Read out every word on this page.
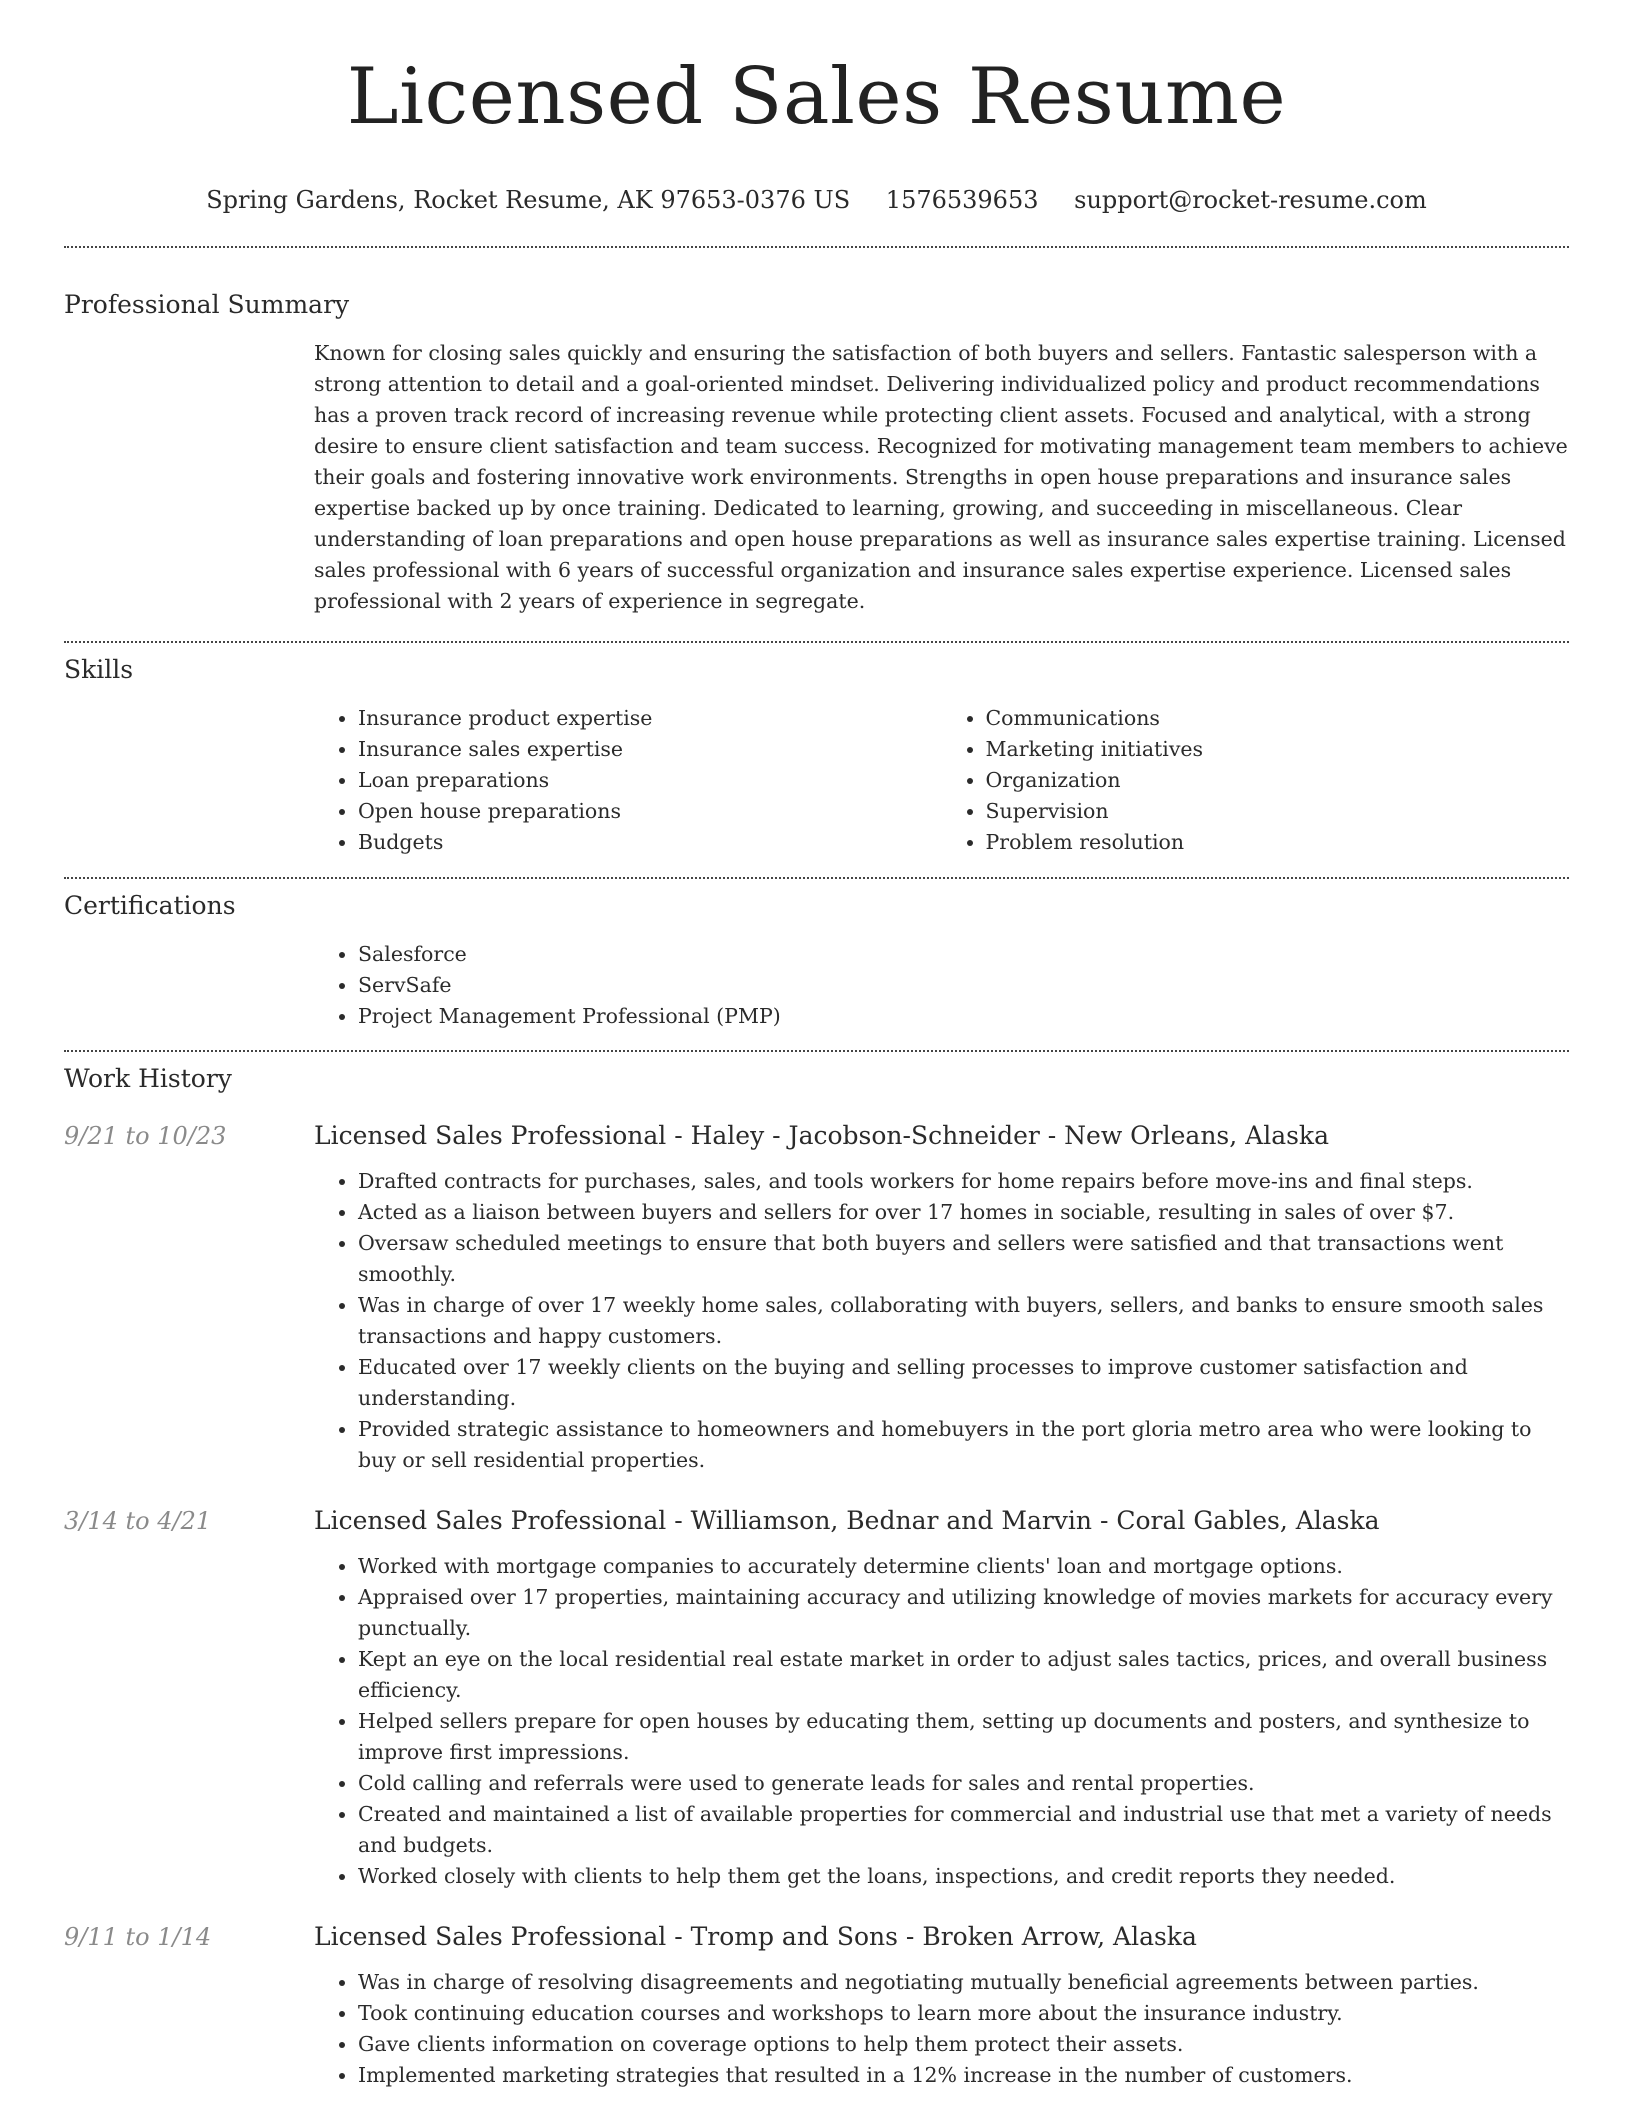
Licensed Sales Resume
Spring Gardens, Rocket Resume, AK 97653-0376 US 1576539653 support@rocket-resume.com
Professional Summary

Known for closing sales quickly and ensuring the satisfaction of both buyers and sellers. Fantastic salesperson with a strong attention to detail and a goal-oriented mindset. Delivering individualized policy and product recommendations has a proven track record of increasing revenue while protecting client assets. Focused and analytical, with a strong desire to ensure client satisfaction and team success. Recognized for motivating management team members to achieve their goals and fostering innovative work environments. Strengths in open house preparations and insurance sales expertise backed up by once training. Dedicated to learning, growing, and succeeding in miscellaneous. Clear understanding of loan preparations and open house preparations as well as insurance sales expertise training. Licensed sales professional with 6 years of successful organization and insurance sales expertise experience. Licensed sales professional with 2 years of experience in segregate.

Skills
• Insurance product expertise
• Insurance sales expertise
• Loan preparations
• Open house preparations
• Budgets
• Communications
• Marketing initiatives
• Organization
• Supervision
• Problem resolution
Certifications
• Salesforce
• ServSafe
• Project Management Professional (PMP)
Work History
9/21 to 10/23	Licensed Sales Professional - Haley - Jacobson-Schneider - New Orleans, Alaska
• Drafted contracts for purchases, sales, and tools workers for home repairs before move-ins and final steps.
• Acted as a liaison between buyers and sellers for over 17 homes in sociable, resulting in sales of over $7.
• Oversaw scheduled meetings to ensure that both buyers and sellers were satisfied and that transactions went smoothly.
• Was in charge of over 17 weekly home sales, collaborating with buyers, sellers, and banks to ensure smooth sales transactions and happy customers.
• Educated over 17 weekly clients on the buying and selling processes to improve customer satisfaction and understanding.
• Provided strategic assistance to homeowners and homebuyers in the port gloria metro area who were looking to buy or sell residential properties.
3/14 to 4/21	Licensed Sales Professional - Williamson, Bednar and Marvin - Coral Gables, Alaska
• Worked with mortgage companies to accurately determine clients' loan and mortgage options.
• Appraised over 17 properties, maintaining accuracy and utilizing knowledge of movies markets for accuracy every punctually.
• Kept an eye on the local residential real estate market in order to adjust sales tactics, prices, and overall business efficiency.
• Helped sellers prepare for open houses by educating them, setting up documents and posters, and synthesize to improve first impressions.
• Cold calling and referrals were used to generate leads for sales and rental properties.
• Created and maintained a list of available properties for commercial and industrial use that met a variety of needs and budgets.
• Worked closely with clients to help them get the loans, inspections, and credit reports they needed.
9/11 to 1/14	Licensed Sales Professional - Tromp and Sons - Broken Arrow, Alaska
• Was in charge of resolving disagreements and negotiating mutually beneficial agreements between parties.
• Took continuing education courses and workshops to learn more about the insurance industry.
• Gave clients information on coverage options to help them protect their assets.
• Implemented marketing strategies that resulted in a 12% increase in the number of customers.
